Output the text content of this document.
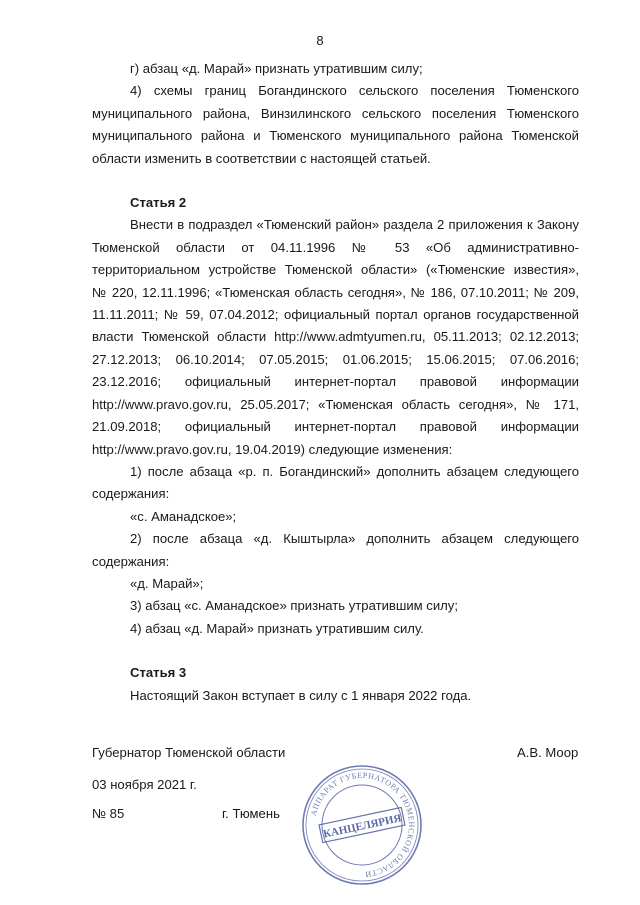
8

г) абзац «д. Марай» признать утратившим силу;

4) схемы границ Богандинского сельского поселения Тюменского

муниципального района, Винзилинского сельского поселения Тюменского

муниципального района и Тюменского муниципального района Тюменской

области изменить в соответствии с настоящей статьей.

Статья 2

Внести в подраздел «Тюменский район» раздела 2 приложения к Закону

Тюменской области от 04.11.1996 № 53 «Об административно-

территориальном устройстве Тюменской области» («Тюменские известия»,

№ 220, 12.11.1996; «Тюменская область сегодня», № 186, 07.10.2011; № 209,

11.11.2011; № 59, 07.04.2012; официальный портал органов государственной

власти Тюменской области http://www.admtyumen.ru, 05.11.2013; 02.12.2013;

27.12.2013; 06.10.2014; 07.05.2015; 01.06.2015; 15.06.2015; 07.06.2016;

23.12.2016; официальный интернет-портал правовой информации

http://www.pravo.gov.ru, 25.05.2017; «Тюменская область сегодня», № 171,

21.09.2018; официальный интернет-портал правовой информации

http://www.pravo.gov.ru, 19.04.2019) следующие изменения:

1) после абзаца «р. п. Богандинский» дополнить абзацем следующего

содержания:

«с. Аманадское»;

2) после абзаца «д. Кыштырла» дополнить абзацем следующего

содержания:

«д. Марай»;

3) абзац «с. Аманадское» признать утратившим силу;

4) абзац «д. Марай» признать утратившим силу.

Статья 3

Настоящий Закон вступает в силу с 1 января 2022 года.

Губернатор Тюменской области	А.В. Моор
03 ноября 2021 г.
№ 85	г. Тюмень	АППАРАТ ГУБЕРНАТОРА ТЮМЕНСКОЙ ОБЛАСТИ
КАНЦЕЛЯРИЯ
